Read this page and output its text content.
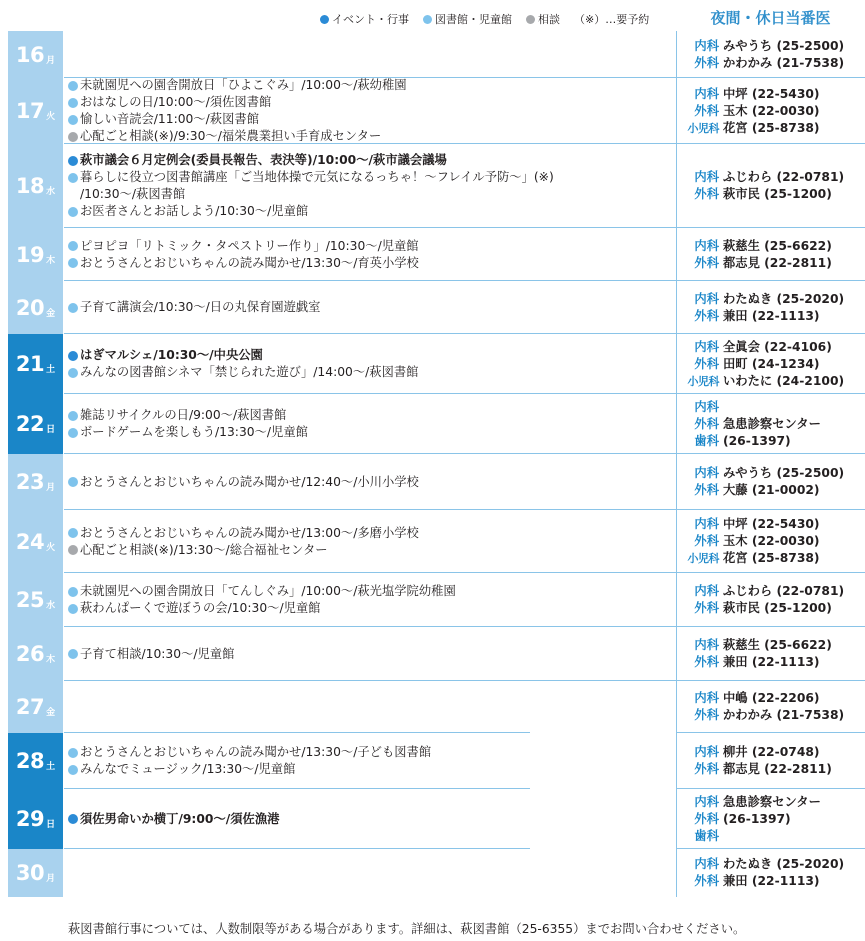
イベント・行事 図書館・児童館 相談 （※）…要予約	夜間・休日当番医
16 月
内科 みやうち (25-2500)
外科 かわかみ (21-7538)
17 火
未就園児への園舎開放日「ひよこぐみ」/10:00～/萩幼稚園
おはなしの日/10:00～/須佐図書館
愉しい音読会/11:00～/萩図書館
心配ごと相談(※)/9:30～/福栄農業担い手育成センター
内科 中坪 (22-5430)
外科 玉木 (22-0030)
小児科 花宮 (25-8738)
18 水
萩市議会６月定例会(委員長報告、表決等)/10:00～/萩市議会議場
暮らしに役立つ図書館講座「ご当地体操で元気になるっちゃ！～フレイル予防～」(※)
/10:30～/萩図書館
お医者さんとお話しよう/10:30～/児童館
内科 ふじわら (22-0781)
外科 萩市民 (25-1200)
19 木
ピヨピヨ「リトミック・タペストリー作り」/10:30～/児童館
おとうさんとおじいちゃんの読み聞かせ/13:30～/育英小学校
内科 萩慈生 (25-6622)
外科 都志見 (22-2811)
20 金 子育て講演会/10:30～/日の丸保育園遊戯室
内科 わたぬき (25-2020)
外科 兼田 (22-1113)
21 土
はぎマルシェ/10:30～/中央公園
みんなの図書館シネマ「禁じられた遊び」/14:00～/萩図書館
内科 全眞会 (22-4106)
外科 田町 (24-1234)
小児科 いわたに (24-2100)
22 日
雑誌リサイクルの日/9:00～/萩図書館
ボードゲームを楽しもう/13:30～/児童館
内科
外科 急患診察センター
歯科 (26-1397)
23 月 おとうさんとおじいちゃんの読み聞かせ/12:40～/小川小学校
内科 みやうち (25-2500)
外科 大藤 (21-0002)
24 火
おとうさんとおじいちゃんの読み聞かせ/13:00～/多磨小学校
心配ごと相談(※)/13:30～/総合福祉センター
内科 中坪 (22-5430)
外科 玉木 (22-0030)
小児科 花宮 (25-8738)
25 水
未就園児への園舎開放日「てんしぐみ」/10:00～/萩光塩学院幼稚園
萩わんぱーくで遊ぼうの会/10:30～/児童館
内科 ふじわら (22-0781)
外科 萩市民 (25-1200)
26 木 子育て相談/10:30～/児童館
内科 萩慈生 (25-6622)
外科 兼田 (22-1113)
27 金
内科 中嶋 (22-2206)
外科 かわかみ (21-7538)
28 土
おとうさんとおじいちゃんの読み聞かせ/13:30～/子ども図書館
みんなでミュージック/13:30～/児童館
内科 柳井 (22-0748)
外科 都志見 (22-2811)
29 日 須佐男命いか横丁/9:00～/須佐漁港
内科 急患診察センター
外科 (26-1397)
歯科
30 月
内科 わたぬき (25-2020)
外科 兼田 (22-1113)
萩図書館行事については、人数制限等がある場合があります。詳細は、萩図書館（25-6355）までお問い合わせください。
